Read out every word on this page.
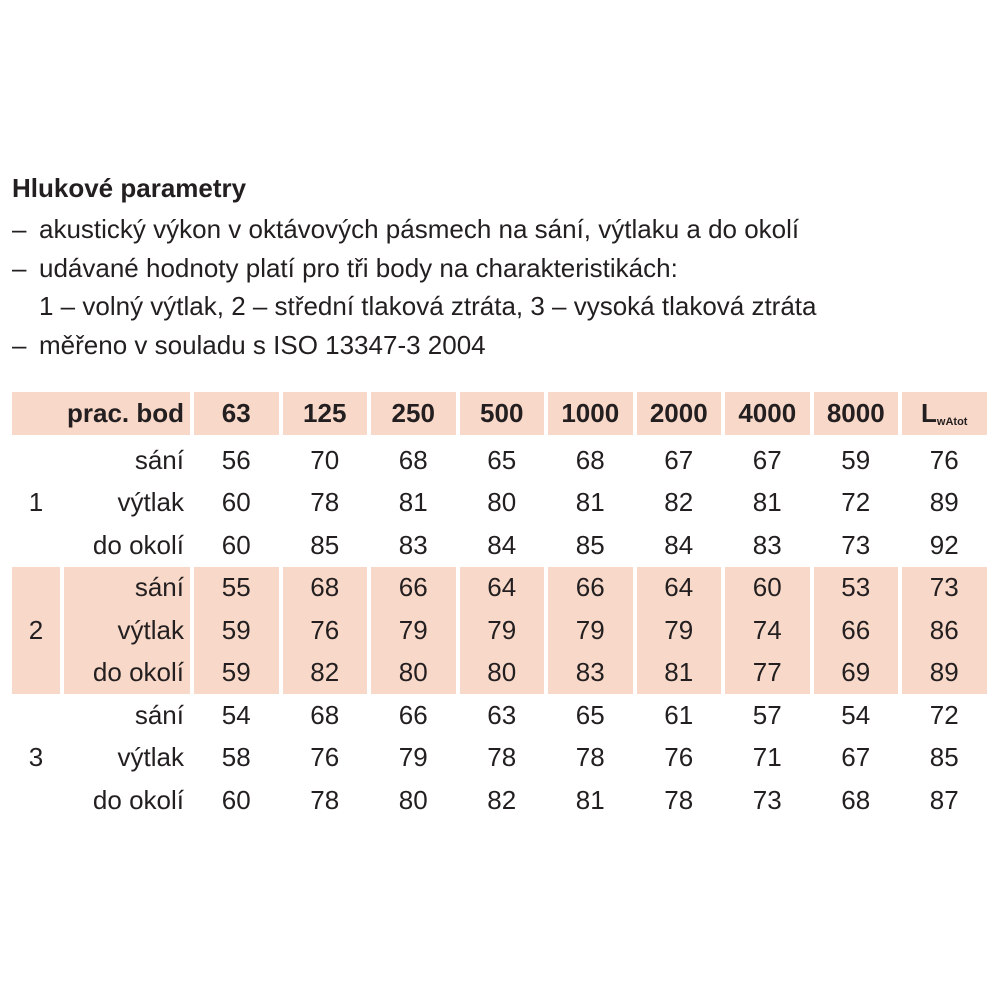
Hlukové parametry
– akustický výkon v oktávových pásmech na sání, výtlaku a do okolí
– udávané hodnoty platí pro tři body na charakteristikách:
1 – volný výtlak, 2 – střední tlaková ztráta, 3 – vysoká tlaková ztráta
– měřeno v souladu s ISO 13347-3 2004
prac. bod		63	125	250	500	1000	2000	4000	8000	$L_{wAtot}$

	sání	56	70	68	65	68	67	67	59	76
1	výtlak	60	78	81	80	81	82	81	72	89
	do okolí	60	85	83	84	85	84	83	73	92
	sání	55	68	66	64	66	64	60	53	73
2	výtlak	59	76	79	79	79	79	74	66	86
	do okolí	59	82	80	80	83	81	77	69	89
	sání	54	68	66	63	65	61	57	54	72
3	výtlak	58	76	79	78	78	76	71	67	85
	do okolí	60	78	80	82	81	78	73	68	87
